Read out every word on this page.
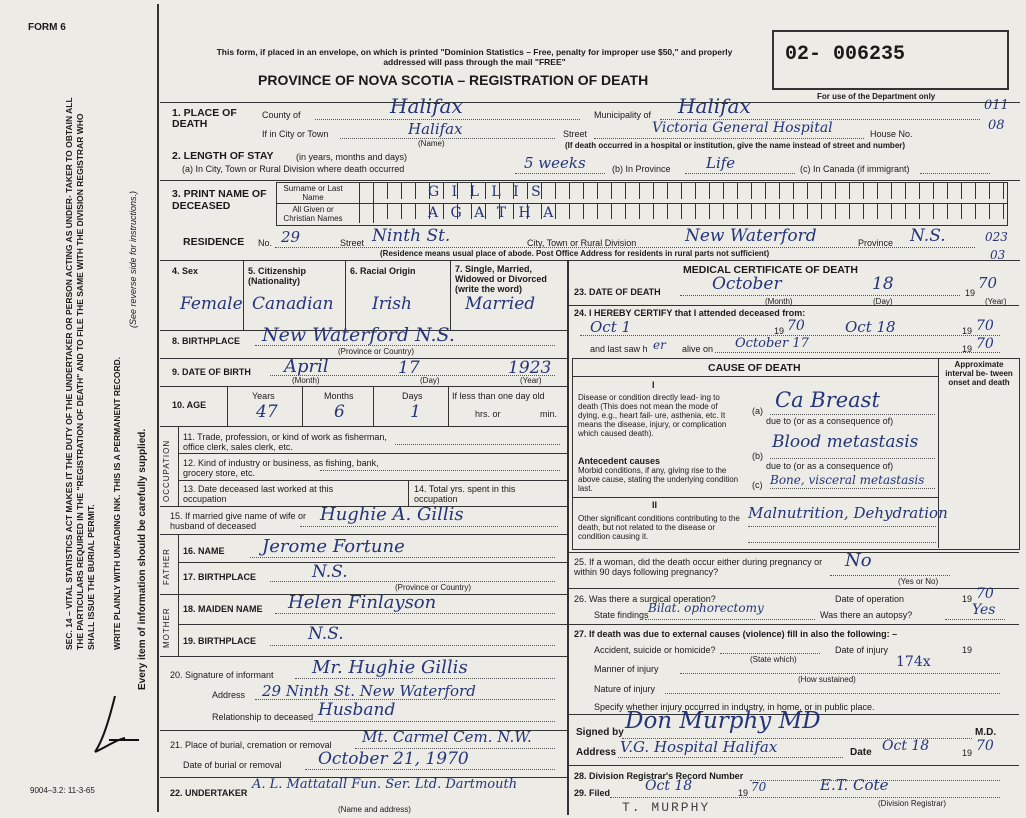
FORM 6
This form, if placed in an envelope, on which is printed "Dominion Statistics – Free, penalty for improper use $50," and properly addressed will pass through the mail "FREE"
PROVINCE OF NOVA SCOTIA – REGISTRATION OF DEATH
02- 006235
For use of the Department only
011
08
SEC. 14 – VITAL STATISTICS ACT MAKES IT THE DUTY OF THE UNDERTAKER OR PERSON ACTING AS UNDER- TAKER TO OBTAIN ALL THE PARTICULARS REQUIRED IN THE "REGISTRATION OF DEATH" AND TO FILE THE SAME WITH THE DIVISION REGISTRAR WHO SHALL ISSUE THE BURIAL PERMIT. WRITE PLAINLY WITH UNFADING INK. THIS IS A PERMANENT RECORD.
(See reverse side for instructions.)
Every item of information should be carefully supplied.
9004–3.2: 11-3-65
1. PLACE OF DEATH
County of	Halifax	Municipality of Halifax
If in City or Town	Halifax
(Name)
Street	Victoria General Hospital	House No.
(If death occurred in a hospital or institution, give the name instead of street and number)
2. LENGTH OF STAY (in years, months and days)
(a) In City, Town or Rural Division where death occurred	5 weeks	(b) In Province Life	(c) In Canada (if immigrant)
3. PRINT NAME OF DECEASED
Surname or Last Name
All Given or Christian Names
G I L L I S
A G A T H A
RESIDENCE No. 29	Street Ninth St.	City, Town or Rural Division	New Waterford	Province N.S.	023
03
(Residence means usual place of abode. Post Office Address for residents in rural parts not sufficient)
4. Sex	5. Citizenship (Nationality)
6. Racial Origin	7. Single, Married, Widowed or Divorced (write the word)
Female Canadian Irish	Married
8. BIRTHPLACE New Waterford N.S.
(Province or Country)
9. DATE OF BIRTH April	17	1923
(Month)	(Day)	(Year)
10. AGE
Years	Months	Days
47	6	1
If less than one day old
hrs. or	min.
OCCUPATION
11. Trade, profession, or kind of work as fisherman, office clerk, sales clerk, etc.
12. Kind of industry or business, as fishing, bank, grocery store, etc.
13. Date deceased last worked at this occupation
14. Total yrs. spent in this occupation
15. If married give name of wife or husband of deceased
Hughie A. Gillis
FATHER 16. NAME Jerome Fortune
17. BIRTHPLACE	N.S.
(Province or Country)
MOTHER 18. MAIDEN NAME Helen Finlayson
19. BIRTHPLACE	N.S.
20. Signature of informant Mr. Hughie Gillis
Address 29 Ninth St. New Waterford
Relationship to deceased Husband
21. Place of burial, cremation or removal Mt. Carmel Cem. N.W.
Date of burial or removal October 21, 1970
22. UNDERTAKER
A. L. Mattatall Fun. Ser. Ltd. Dartmouth
(Name and address)
MEDICAL CERTIFICATE OF DEATH
23. DATE OF DEATH	October	18	19
70
(Month)	(Day)	(Year)
24. I HEREBY CERTIFY that I attended deceased from:
Oct 1	19 70	Oct 18	19 70
and last saw h er alive on October 17	19 70
CAUSE OF DEATH	Approximate interval be- tween onset and death
I
Disease or condition directly lead- ing to death (This does not mean the mode of dying, e.g., heart fail- ure, asthenia, etc. It means the disease, injury, or complication which caused death).
(a) Ca Breast
due to (or as a consequence of)
Antecedent causes
Morbid conditions, if any, giving rise to the above cause, stating the underlying condition last.
(b)
Blood metastasis
due to (or as a consequence of)
(c) Bone, visceral metastasis
II
Other significant conditions contributing to the death, but not related to the disease or condition causing it.
Malnutrition, Dehydration
25. If a woman, did the death occur either during pregnancy or within 90 days following pregnancy?
No
(Yes or No)
26. Was there a surgical operation?	Date of operation	19 70
State findings Bilat. ophorectomy	Was there an autopsy?	Yes
27. If death was due to external causes (violence) fill in also the following: –
Accident, suicide or homicide?
(State which)
Date of injury	19
Manner of injury	174x
(How sustained)
Nature of injury
Specify whether injury occurred in industry, in home, or in public place.
Signed by Don Murphy MD	M.D.
Address V.G. Hospital Halifax	Date Oct 18	19 70
28. Division Registrar's Record Number
29. Filed Oct 18	19 70	E.T. Cote
(Division Registrar)
T. MURPHY
